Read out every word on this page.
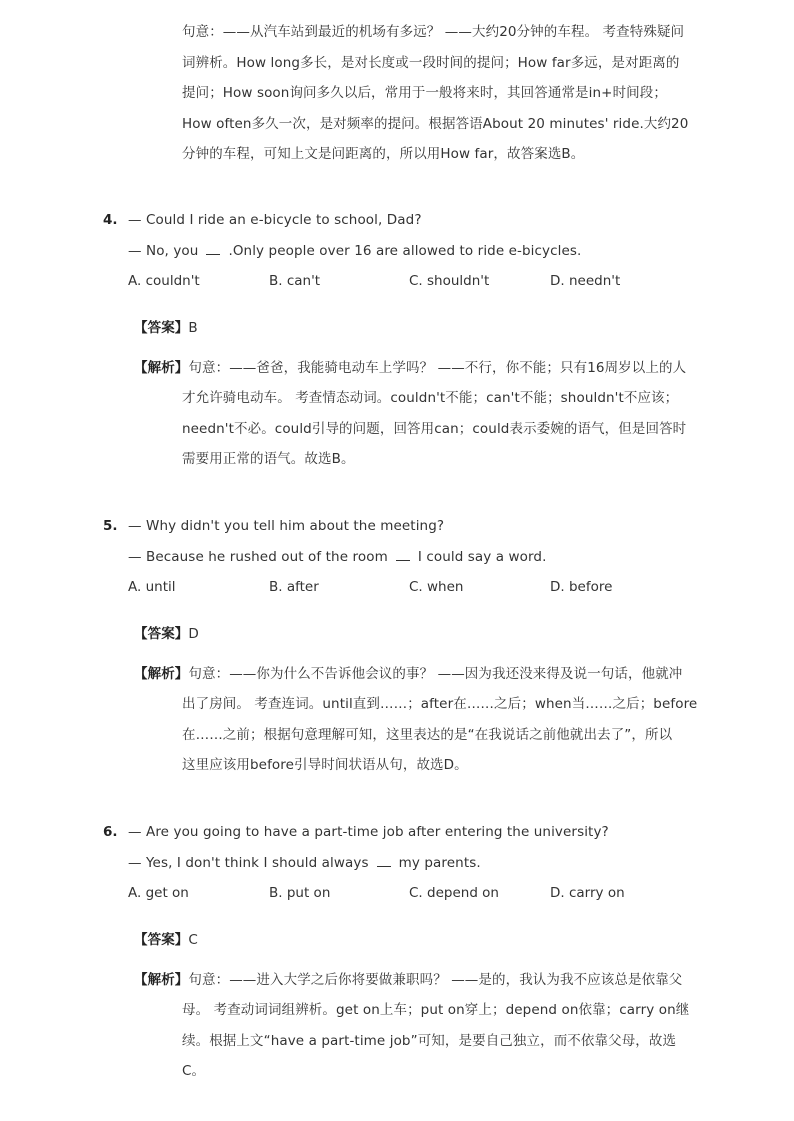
句意：——从汽车站到最近的机场有多远？ ——大约20分钟的车程。 考查特殊疑问
词辨析。How long多长，是对长度或一段时间的提问；How far多远，是对距离的
提问；How soon询问多久以后，常用于一般将来时，其回答通常是in+时间段；
How often多久一次，是对频率的提问。根据答语About 20 minutes' ride.大约20
分钟的车程，可知上文是问距离的，所以用How far，故答案选B。
4. — Could I ride an e-bicycle to school, Dad?
— No, you .Only people over 16 are allowed to ride e-bicycles.
A. couldn't	B. can't	C. shouldn't	D. needn't
【答案】B
【解析】句意：——爸爸，我能骑电动车上学吗？ ——不行，你不能；只有16周岁以上的人
才允许骑电动车。 考查情态动词。couldn't不能；can't不能；shouldn't不应该；
needn't不必。could引导的问题，回答用can；could表示委婉的语气，但是回答时
需要用正常的语气。故选B。
5. — Why didn't you tell him about the meeting?
— Because he rushed out of the room I could say a word.
A. until	B. after	C. when	D. before
【答案】D
【解析】句意：——你为什么不告诉他会议的事？ ——因为我还没来得及说一句话，他就冲
出了房间。 考查连词。until直到……；after在……之后；when当……之后；before
在……之前；根据句意理解可知，这里表达的是“在我说话之前他就出去了”，所以
这里应该用before引导时间状语从句，故选D。
6. — Are you going to have a part-time job after entering the university?
— Yes, I don't think I should always my parents.
A. get on	B. put on	C. depend on	D. carry on
【答案】C
【解析】句意：——进入大学之后你将要做兼职吗？ ——是的，我认为我不应该总是依靠父
母。 考查动词词组辨析。get on上车；put on穿上；depend on依靠；carry on继
续。根据上文“have a part-time job”可知，是要自己独立，而不依靠父母，故选
C。
